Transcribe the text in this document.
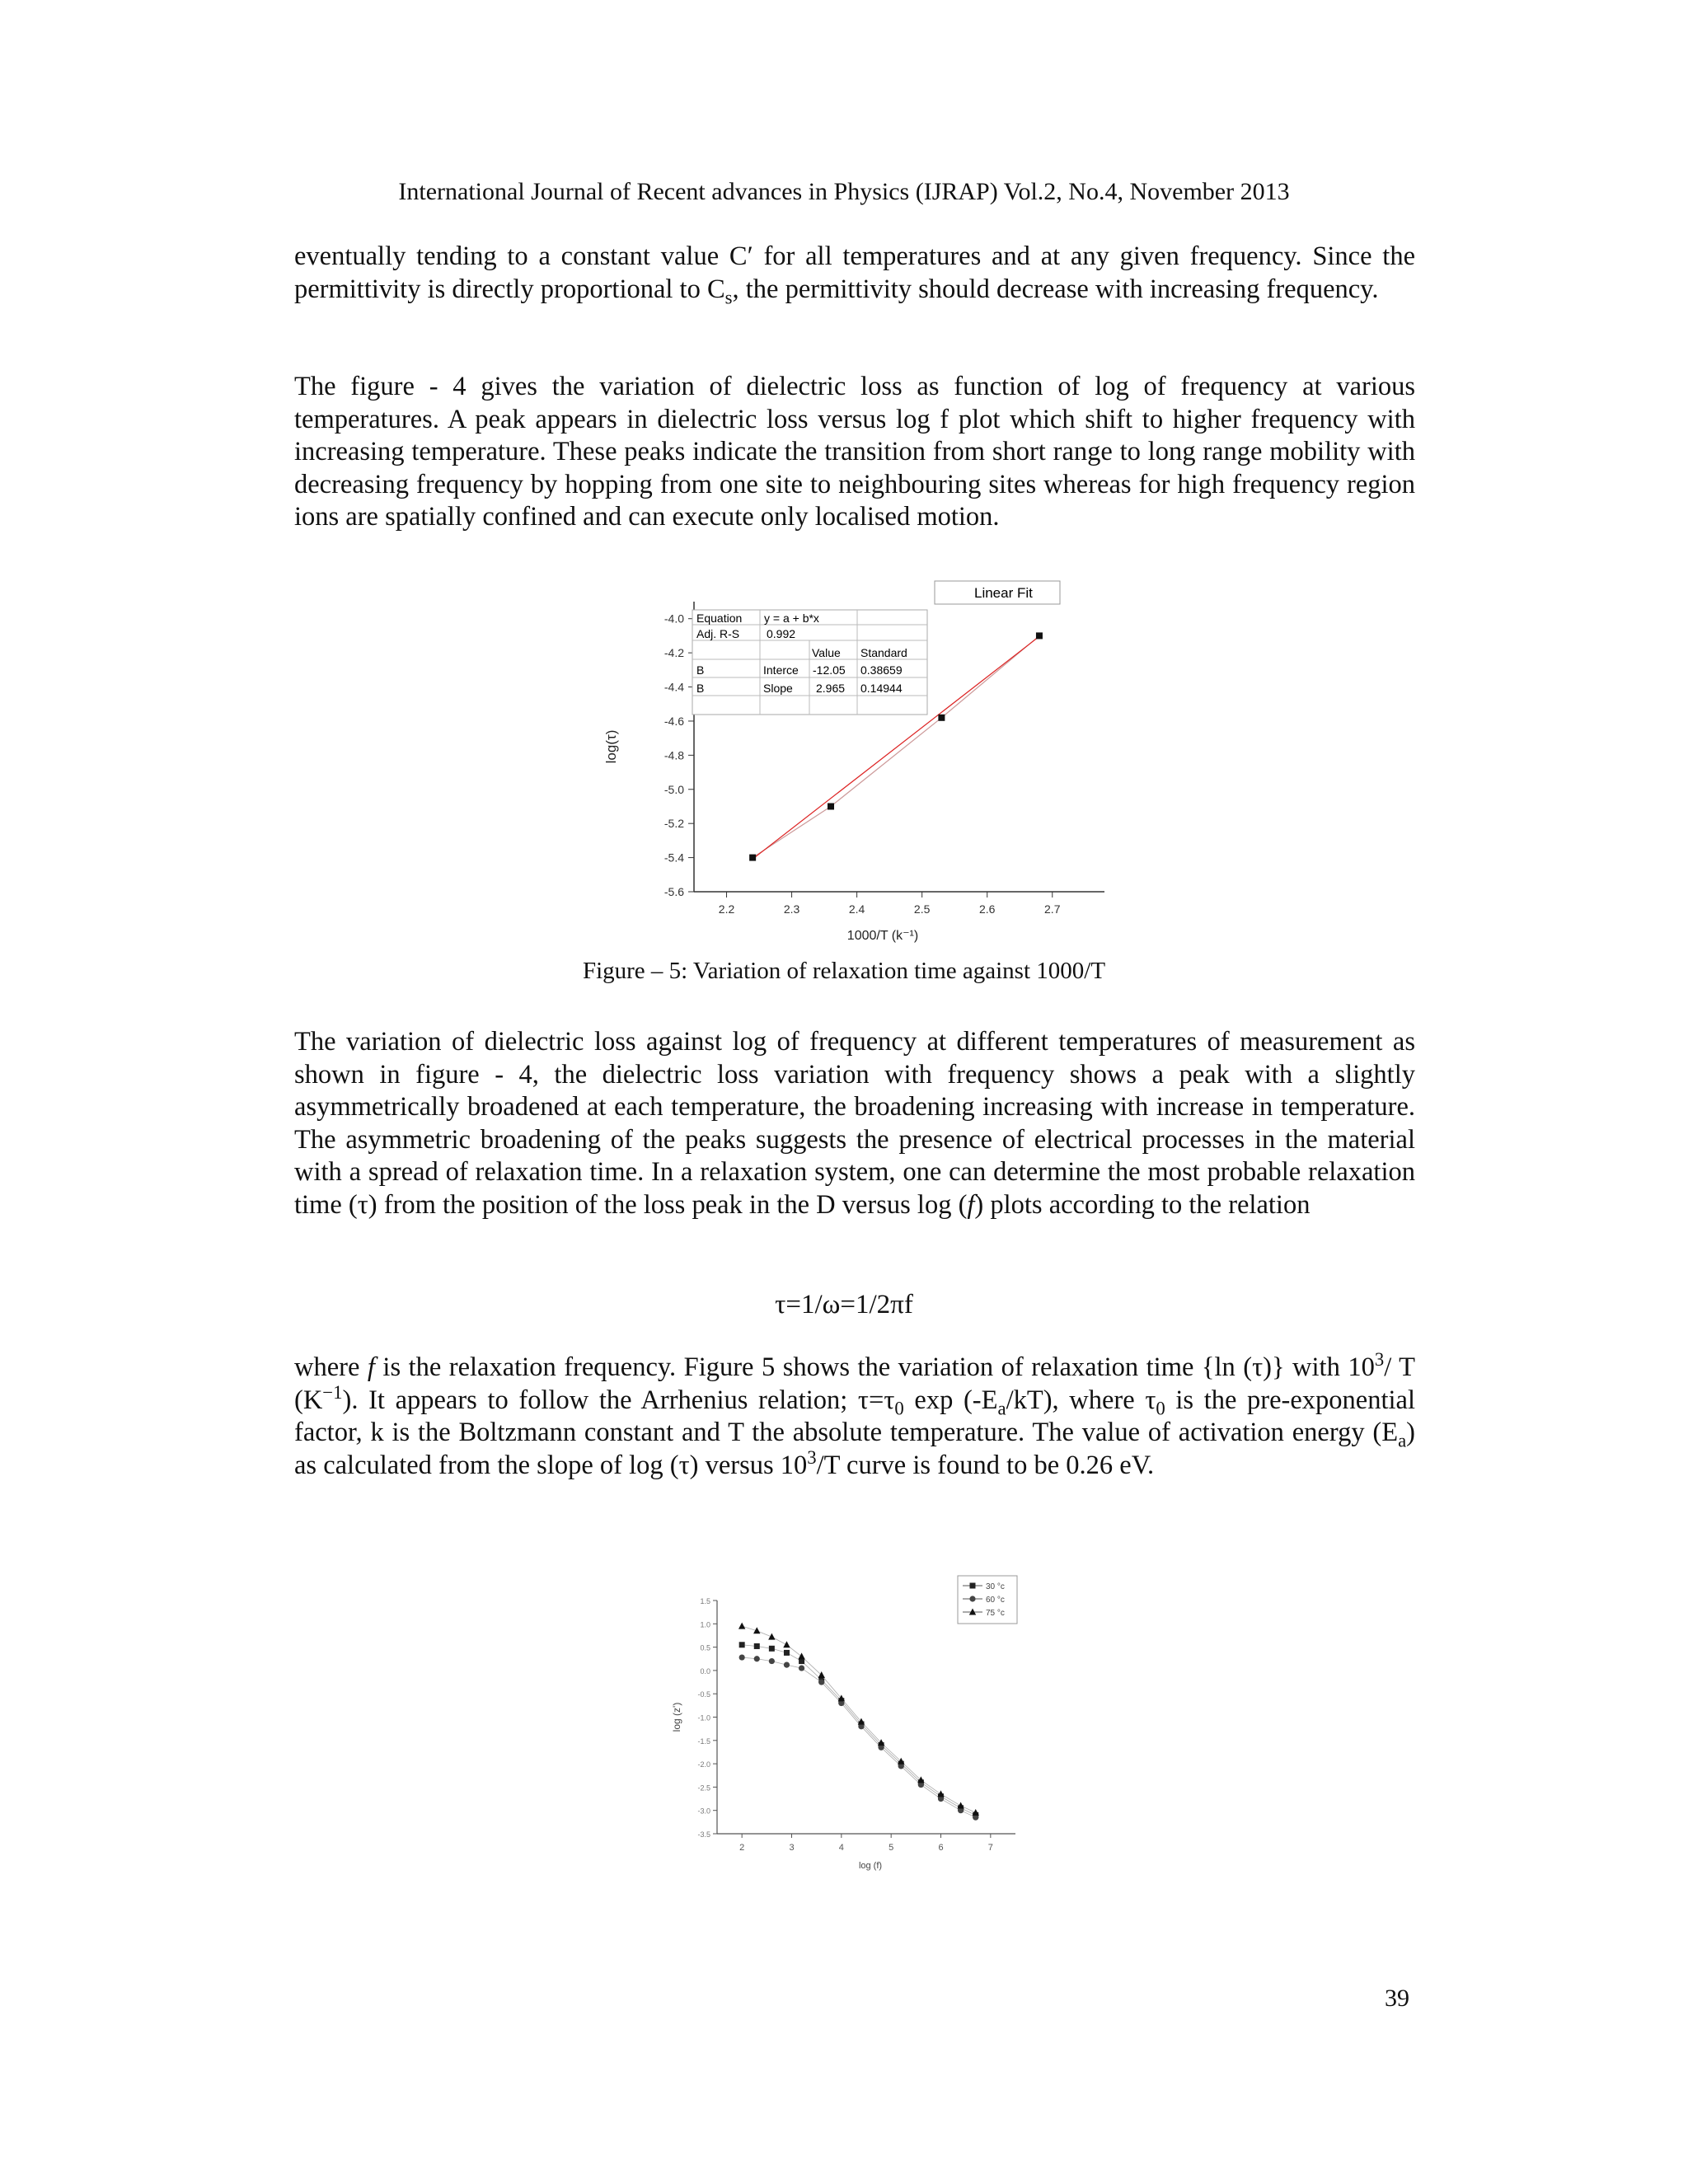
International Journal of Recent advances in Physics (IJRAP) Vol.2, No.4, November 2013

eventually tending to a constant value C′ for all temperatures and at any given frequency. Since the permittivity is directly proportional to $C_s$, the permittivity should decrease with increasing frequency.

The figure - 4 gives the variation of dielectric loss as function of log of frequency at various temperatures. A peak appears in dielectric loss versus log f plot which shift to higher frequency with increasing temperature. These peaks indicate the transition from short range to long range mobility with decreasing frequency by hopping from one site to neighbouring sites whereas for high frequency region ions are spatially confined and can execute only localised motion.

2.2	2.3	2.4	2.5	2.6	2.7
-4.0
-4.2
-4.4
-4.6
-4.8
-5.0
-5.2
-5.4
-5.6
1000/T (k⁻¹)
log(τ)
Equation y = a + b*x
Adj. R-S 0.992
Value Standard
B	Interce -12.05 0.38659
B	Slope 2.965 0.14944
Linear Fit
Figure – 5: Variation of relaxation time against 1000/T

The variation of dielectric loss against log of frequency at different temperatures of measurement as shown in figure - 4, the dielectric loss variation with frequency shows a peak with a slightly asymmetrically broadened at each temperature, the broadening increasing with increase in temperature. The asymmetric broadening of the peaks suggests the presence of electrical processes in the material with a spread of relaxation time. In a relaxation system, one can determine the most probable relaxation time (τ) from the position of the loss peak in the D versus log (f) plots according to the relation

τ=1/ω=1/2πf

where f is the relaxation frequency. Figure 5 shows the variation of relaxation time {ln (τ)} with $10^3/$ T $(K^{-1})$. It appears to follow the Arrhenius relation; $\tau=\tau_0$ $\exp (-E_a/kT)$, where $\tau_0$ is the pre-exponential factor, k is the Boltzmann constant and T the absolute temperature. The value of activation energy $(E_a)$ as calculated from the slope of log (τ) versus $10^3/T$ curve is found to be 0.26 eV.

2	3	4	5	6	7
1.5
1.0
0.5
0.0
-0.5
-1.0
-1.5
-2.0
-2.5
-3.0
-3.5
log (f)
log (z')
30 °c
60 °c
75 °c
39
